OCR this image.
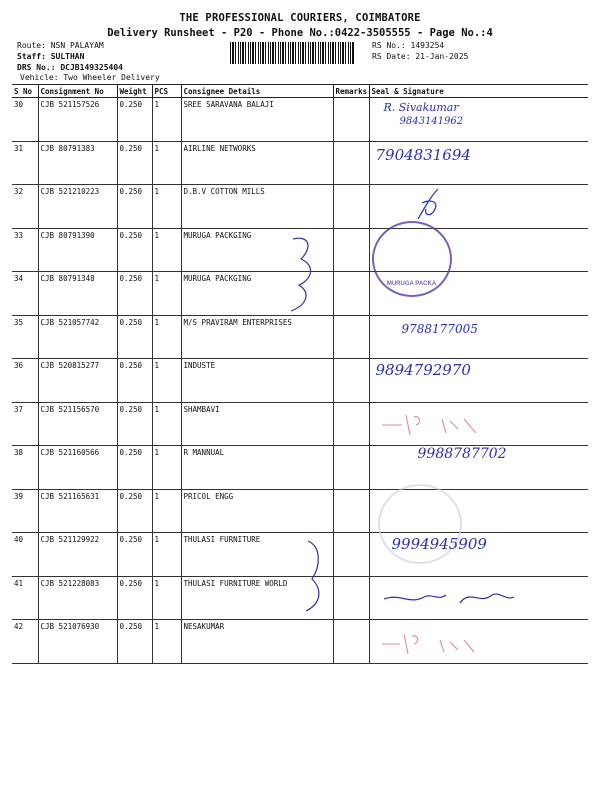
THE PROFESSIONAL COURIERS, COIMBATORE
Delivery Runsheet - P20 - Phone No.:0422-3505555 - Page No.:4
Route: NSN PALAYAM
Staff: SULTHAN
DRS No.: DCJB149325404
Vehicle: Two Wheeler Delivery
RS No.: 1493254
RS Date: 21-Jan-2025
S No	Consignment No	Weight	PCS	Consignee Details	Remarks	Seal & Signature
30	CJB 521157526	0.250	1	SREE SARAVANA BALAJI		R. Sivakumar
9843141962

31	CJB 80791383	0.250	1	AIRLINE NETWORKS		7904831694

32	CJB 521210223	0.250	1	D.B.V COTTON MILLS		

33	CJB 80791390	0.250	1	MURUGA PACKGING		MURUGA PACKA

34	CJB 80791348	0.250	1	MURUGA PACKGING		
35	CJB 521057742	0.250	1	M/S PRAVIRAM ENTERPRISES		9788177005

36	CJB 520815277	0.250	1	INDUSTE		9894792970

37	CJB 521156570	0.250	1	SHAMBAVI		

38	CJB 521160566	0.250	1	R MANNUAL		9988787702

39	CJB 521165631	0.250	1	PRICOL ENGG		

40	CJB 521129922	0.250	1	THULASI FURNITURE		9994945909

41	CJB 521228083	0.250	1	THULASI FURNITURE WORLD		

42	CJB 521076930	0.250	1	NESAKUMAR		
